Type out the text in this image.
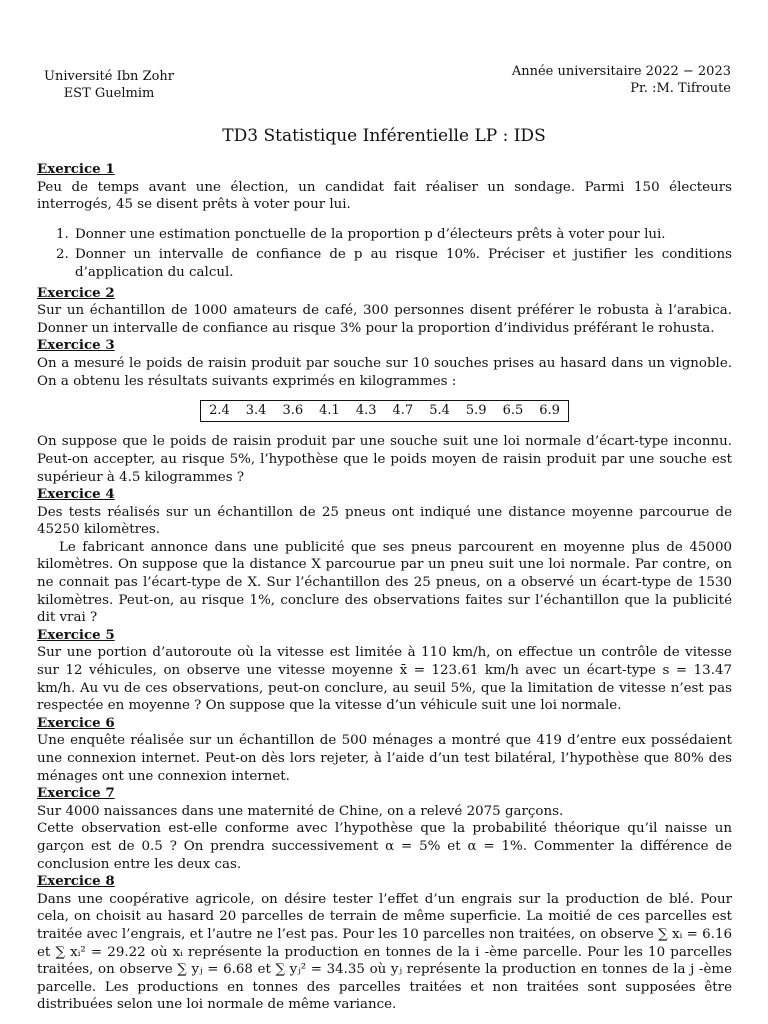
Université Ibn Zohr
EST Guelmim
Année universitaire 2022 − 2023
Pr. :M. Tifroute
TD3 Statistique Inférentielle LP : IDS
Exercice 1

Peu de temps avant une élection, un candidat fait réaliser un sondage. Parmi 150 électeurs interrogés, 45 se disent prêts à voter pour lui.

1. Donner une estimation ponctuelle de la proportion p d’électeurs prêts à voter pour lui.
2. Donner un intervalle de confiance de p au risque 10%. Préciser et justifier les conditions d’application du calcul.
Exercice 2

Sur un échantillon de 1000 amateurs de café, 300 personnes disent préférer le robusta à l’arabica. Donner un intervalle de confiance au risque 3% pour la proportion d’individus préférant le rohusta.

Exercice 3

On a mesuré le poids de raisin produit par souche sur 10 souches prises au hasard dans un vignoble. On a obtenu les résultats suivants exprimés en kilogrammes :

2.4	3.4	3.6	4.1	4.3	4.7	5.4	5.9	6.5	6.9

On suppose que le poids de raisin produit par une souche suit une loi normale d’écart-type inconnu. Peut-on accepter, au risque 5%, l’hypothèse que le poids moyen de raisin produit par une souche est supérieur à 4.5 kilogrammes ?

Exercice 4

Des tests réalisés sur un échantillon de 25 pneus ont indiqué une distance moyenne parcourue de 45250 kilomètres.

Le fabricant annonce dans une publicité que ses pneus parcourent en moyenne plus de 45000 kilomètres. On suppose que la distance X parcourue par un pneu suit une loi normale. Par contre, on ne connait pas l’écart-type de X. Sur l’échantillon des 25 pneus, on a observé un écart-type de 1530 kilomètres. Peut-on, au risque 1%, conclure des observations faites sur l’échantillon que la publicité dit vrai ?

Exercice 5

Sur une portion d’autoroute où la vitesse est limitée à 110 km/h, on effectue un contrôle de vitesse sur 12 véhicules, on observe une vitesse moyenne x̄ = 123.61 km/h avec un écart-type s = 13.47 km/h. Au vu de ces observations, peut-on conclure, au seuil 5%, que la limitation de vitesse n’est pas respectée en moyenne ? On suppose que la vitesse d’un véhicule suit une loi normale.

Exercice 6

Une enquête réalisée sur un échantillon de 500 ménages a montré que 419 d’entre eux possédaient une connexion internet. Peut-on dès lors rejeter, à l’aide d’un test bilatéral, l’hypothèse que 80% des ménages ont une connexion internet.

Exercice 7

Sur 4000 naissances dans une maternité de Chine, on a relevé 2075 garçons.

Cette observation est-elle conforme avec l’hypothèse que la probabilité théorique qu’il naisse un garçon est de 0.5 ? On prendra successivement α = 5% et α = 1%. Commenter la différence de conclusion entre les deux cas.

Exercice 8

Dans une coopérative agricole, on désire tester l’effet d’un engrais sur la production de blé. Pour cela, on choisit au hasard 20 parcelles de terrain de même superficie. La moitié de ces parcelles est traitée avec l’engrais, et l’autre ne l’est pas. Pour les 10 parcelles non traitées, on observe ∑ xᵢ = 6.16 et ∑ xᵢ² = 29.22 où xᵢ représente la production en tonnes de la i -ème parcelle. Pour les 10 parcelles traitées, on observe ∑ yⱼ = 6.68 et ∑ yⱼ² = 34.35 où yⱼ représente la production en tonnes de la j -ème parcelle. Les productions en tonnes des parcelles traitées et non traitées sont supposées être distribuées selon une loi normale de même variance.
